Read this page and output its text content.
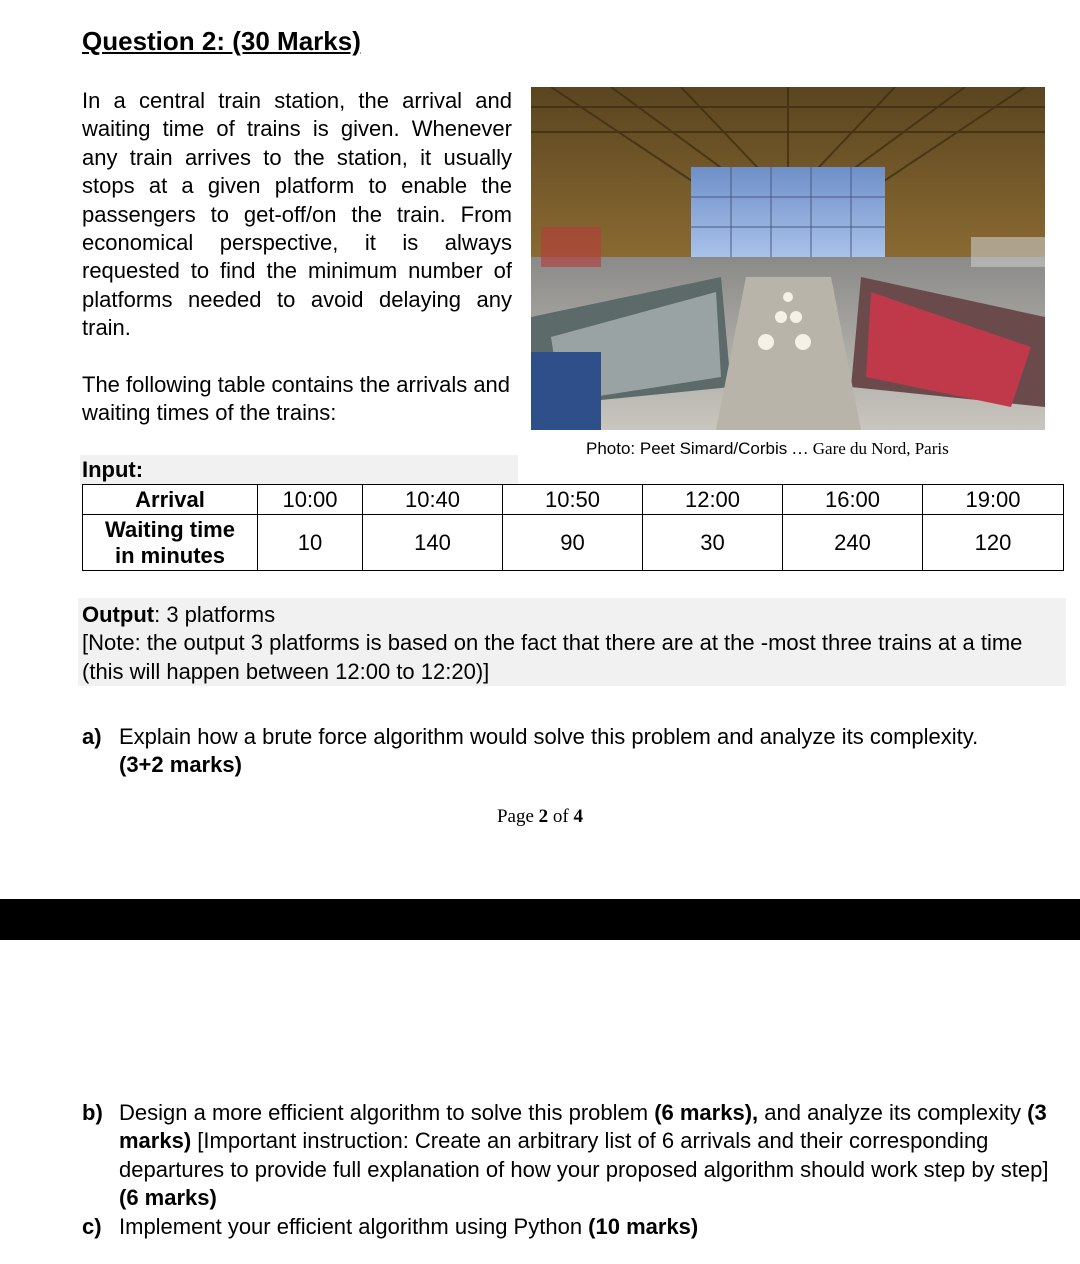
Question 2: (30 Marks)
In a central train station, the arrival and waiting time of trains is given. Whenever any train arrives to the station, it usually stops at a given platform to enable the passengers to get-off/on the train. From economical perspective, it is always requested to find the minimum number of platforms needed to avoid delaying any train.
The following table contains the arrivals and waiting times of the trains:
Photo: Peet Simard/Corbis … Gare du Nord, Paris
Input:
Arrival	10:00	10:40	10:50	12:00	16:00	19:00
Waiting time
in minutes	10	140	90	30	240	120
Output: 3 platforms
[Note: the output 3 platforms is based on the fact that there are at the -most three trains at a time (this will happen between 12:00 to 12:20)]
a) Explain how a brute force algorithm would solve this problem and analyze its complexity. (3+2 marks)
Page 2 of 4
b) Design a more efficient algorithm to solve this problem (6 marks), and analyze its complexity (3 marks) [Important instruction: Create an arbitrary list of 6 arrivals and their corresponding departures to provide full explanation of how your proposed algorithm should work step by step] (6 marks)
c) Implement your efficient algorithm using Python (10 marks)
